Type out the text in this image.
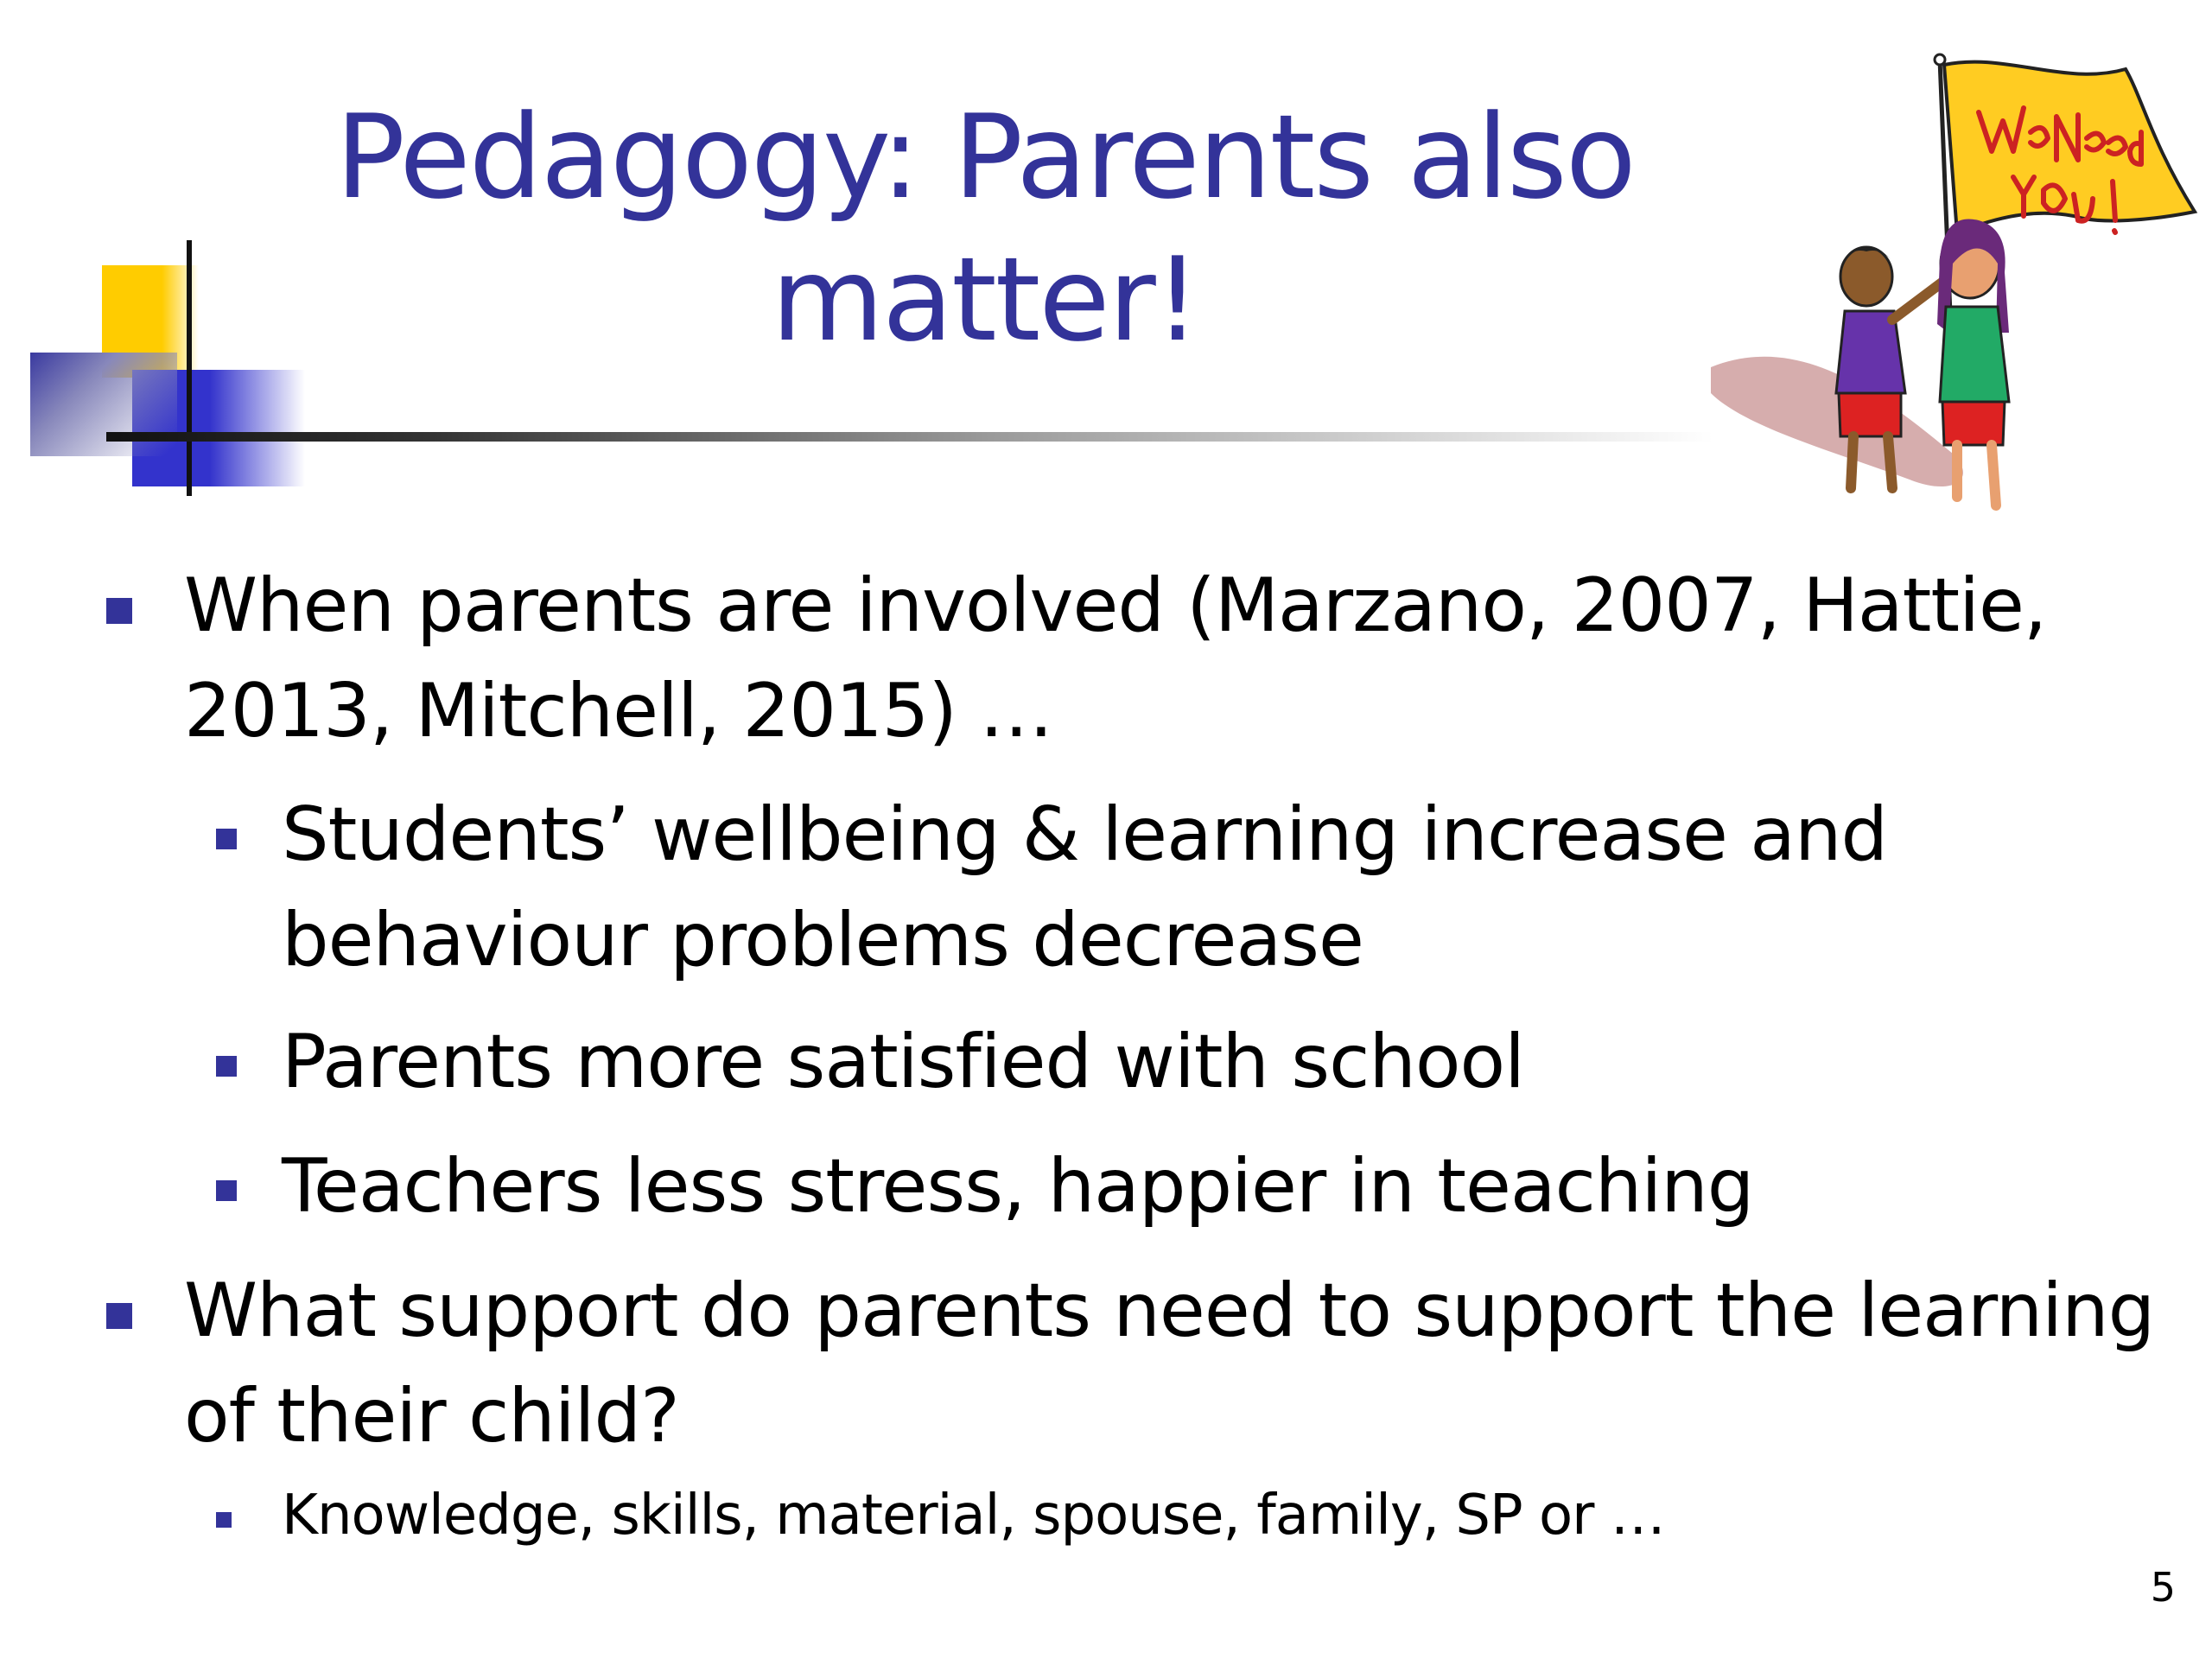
Pedagogy: Parents also matter!
When parents are involved (Marzano, 2007, Hattie, 2013, Mitchell, 2015) …
Students’ wellbeing & learning increase and behaviour problems decrease
Parents more satisfied with school
Teachers less stress, happier in teaching
What support do parents need to support the learning of their child?
Knowledge, skills, material, spouse, family, SP or …
5
